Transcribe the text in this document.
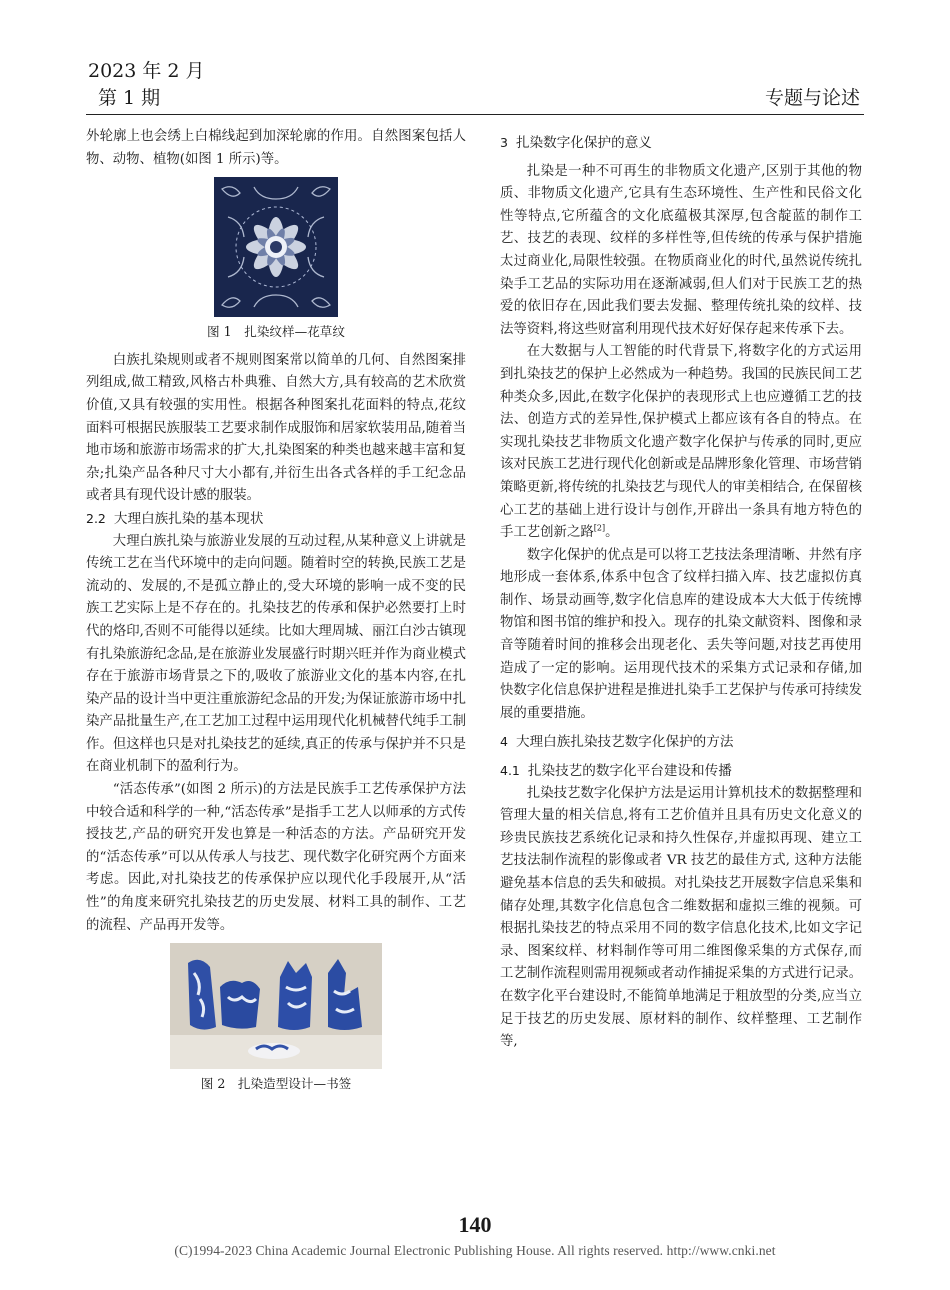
2023 年 2 月
第 1 期	专题与论述

外轮廓上也会绣上白棉线起到加深轮廓的作用。自然图案包括人物、动物、植物(如图 1 所示)等。

图 1　扎染纹样—花草纹

白族扎染规则或者不规则图案常以简单的几何、自然图案排列组成,做工精致,风格古朴典雅、自然大方,具有较高的艺术欣赏价值,又具有较强的实用性。根据各种图案扎花面料的特点,花纹面料可根据民族服装工艺要求制作成服饰和居家软装用品,随着当地市场和旅游市场需求的扩大,扎染图案的种类也越来越丰富和复杂;扎染产品各种尺寸大小都有,并衍生出各式各样的手工纪念品或者具有现代设计感的服装。

2.2 大理白族扎染的基本现状

大理白族扎染与旅游业发展的互动过程,从某种意义上讲就是传统工艺在当代环境中的走向问题。随着时空的转换,民族工艺是流动的、发展的,不是孤立静止的,受大环境的影响一成不变的民族工艺实际上是不存在的。扎染技艺的传承和保护必然要打上时代的烙印,否则不可能得以延续。比如大理周城、丽江白沙古镇现有扎染旅游纪念品,是在旅游业发展盛行时期兴旺并作为商业模式存在于旅游市场背景之下的,吸收了旅游业文化的基本内容,在扎染产品的设计当中更注重旅游纪念品的开发;为保证旅游市场中扎染产品批量生产,在工艺加工过程中运用现代化机械替代纯手工制作。但这样也只是对扎染技艺的延续,真正的传承与保护并不只是在商业机制下的盈利行为。

“活态传承”(如图 2 所示)的方法是民族手工艺传承保护方法中较合适和科学的一种,“活态传承”是指手工艺人以师承的方式传授技艺,产品的研究开发也算是一种活态的方法。产品研究开发的“活态传承”可以从传承人与技艺、现代数字化研究两个方面来考虑。因此,对扎染技艺的传承保护应以现代化手段展开,从“活性”的角度来研究扎染技艺的历史发展、材料工具的制作、工艺的流程、产品再开发等。

图 2　扎染造型设计—书签
3 扎染数字化保护的意义

扎染是一种不可再生的非物质文化遗产,区别于其他的物质、非物质文化遗产,它具有生态环境性、生产性和民俗文化性等特点,它所蕴含的文化底蕴极其深厚,包含靛蓝的制作工艺、技艺的表现、纹样的多样性等,但传统的传承与保护措施太过商业化,局限性较强。在物质商业化的时代,虽然说传统扎染手工艺品的实际功用在逐渐减弱,但人们对于民族工艺的热爱的依旧存在,因此我们要去发掘、整理传统扎染的纹样、技法等资料,将这些财富利用现代技术好好保存起来传承下去。

在大数据与人工智能的时代背景下,将数字化的方式运用到扎染技艺的保护上必然成为一种趋势。我国的民族民间工艺种类众多,因此,在数字化保护的表现形式上也应遵循工艺的技法、创造方式的差异性,保护模式上都应该有各自的特点。在实现扎染技艺非物质文化遗产数字化保护与传承的同时,更应该对民族工艺进行现代化创新或是品牌形象化管理、市场营销策略更新,将传统的扎染技艺与现代人的审美相结合, 在保留核心工艺的基础上进行设计与创作,开辟出一条具有地方特色的手工艺创新之路[2]。

数字化保护的优点是可以将工艺技法条理清晰、井然有序地形成一套体系,体系中包含了纹样扫描入库、技艺虚拟仿真制作、场景动画等,数字化信息库的建设成本大大低于传统博物馆和图书馆的维护和投入。现存的扎染文献资料、图像和录音等随着时间的推移会出现老化、丢失等问题,对技艺再使用造成了一定的影响。运用现代技术的采集方式记录和存储,加快数字化信息保护进程是推进扎染手工艺保护与传承可持续发展的重要措施。

4 大理白族扎染技艺数字化保护的方法
4.1 扎染技艺的数字化平台建设和传播

扎染技艺数字化保护方法是运用计算机技术的数据整理和管理大量的相关信息,将有工艺价值并且具有历史文化意义的珍贵民族技艺系统化记录和持久性保存,并虚拟再现、建立工艺技法制作流程的影像或者 VR 技艺的最佳方式, 这种方法能避免基本信息的丢失和破损。对扎染技艺开展数字信息采集和储存处理,其数字化信息包含二维数据和虚拟三维的视频。可根据扎染技艺的特点采用不同的数字信息化技术,比如文字记录、图案纹样、材料制作等可用二维图像采集的方式保存,而工艺制作流程则需用视频或者动作捕捉采集的方式进行记录。在数字化平台建设时,不能简单地满足于粗放型的分类,应当立足于技艺的历史发展、原材料的制作、纹样整理、工艺制作等,

140
(C)1994-2023 China Academic Journal Electronic Publishing House. All rights reserved. http://www.cnki.net
